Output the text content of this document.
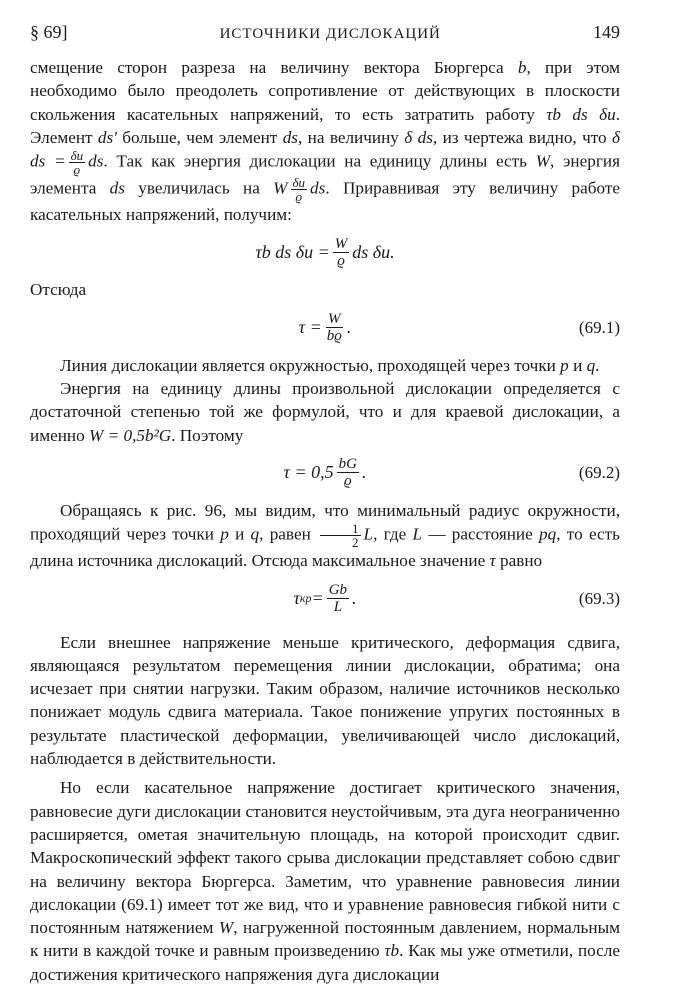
§ 69]	ИСТОЧНИКИ ДИСЛОКАЦИЙ	149

смещение сторон разреза на величину вектора Бюргерса b, при этом необходимо было преодолеть сопротивление от действующих в плоскости скольжения касательных напряжений, то есть затратить работу τb ds δu. Элемент ds' больше, чем элемент ds, на величину δ ds, из чертежа видно, что δ ds = $\frac{\delta u}{ϱ}$ ds. Так как энергия дислокации на единицу длины есть W, энергия элемента ds увеличилась на W $\frac{\delta u}{ϱ}$ ds. Приравнивая эту величину работе касательных напряжений, получим:

τb ds $\delta u = \frac{W}{ϱ}$ ds δu.

Отсюда

$\tau = \frac{W}{bϱ}$ .	(69.1)

Линия дислокации является окружностью, проходящей через точки p и q.

Энергия на единицу длины произвольной дислокации определяется с достаточной степенью той же формулой, что и для краевой дислокации, а именно W = 0,5b²G. Поэтому

$\tau = 0,5 \frac{bG}{ϱ}$ .	(69.2)

Обращаясь к рис. 96, мы видим, что минимальный радиус окружности, проходящий через точки p и q, равен $\frac{1}{2} L$, где L — расстояние pq, то есть длина источника дислокаций. Отсюда максимальное значение τ равно

τ кр = $\frac{Gb}{L}$ .	(69.3)

Если внешнее напряжение меньше критического, деформация сдвига, являющаяся результатом перемещения линии дислокации, обратима; она исчезает при снятии нагрузки. Таким образом, наличие источников несколько понижает модуль сдвига материала. Такое понижение упругих постоянных в результате пластической деформации, увеличивающей число дислокаций, наблюдается в действительности.

Но если касательное напряжение достигает критического значения, равновесие дуги дислокации становится неустойчивым, эта дуга неограниченно расширяется, ометая значительную площадь, на которой происходит сдвиг. Макроскопический эффект такого срыва дислокации представляет собою сдвиг на величину вектора Бюргерса. Заметим, что уравнение равновесия линии дислокации (69.1) имеет тот же вид, что и уравнение равновесия гибкой нити с постоянным натяжением W, нагруженной постоянным давлением, нормальным к нити в каждой точке и равным произведению τb. Как мы уже отметили, после достижения критического напряжения дуга дислокации
